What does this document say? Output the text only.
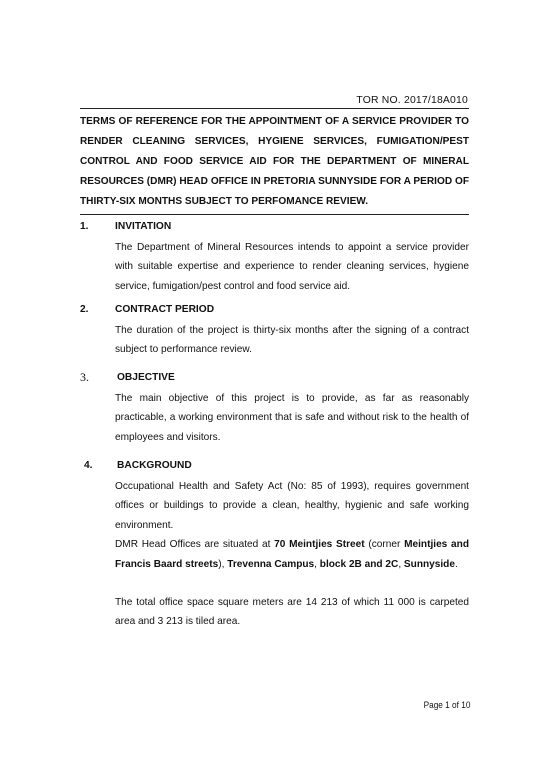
TOR NO. 2017/18A010

TERMS OF REFERENCE FOR THE APPOINTMENT OF A SERVICE PROVIDER TO RENDER CLEANING SERVICES, HYGIENE SERVICES, FUMIGATION/PEST CONTROL AND FOOD SERVICE AID FOR THE DEPARTMENT OF MINERAL RESOURCES (DMR) HEAD OFFICE IN PRETORIA SUNNYSIDE FOR A PERIOD OF THIRTY-SIX MONTHS SUBJECT TO PERFOMANCE REVIEW.

1.	INVITATION

The Department of Mineral Resources intends to appoint a service provider with suitable expertise and experience to render cleaning services, hygiene service, fumigation/pest control and food service aid.

2.	CONTRACT PERIOD

The duration of the project is thirty-six months after the signing of a contract subject to performance review.

3.	OBJECTIVE

The main objective of this project is to provide, as far as reasonably practicable, a working environment that is safe and without risk to the health of employees and visitors.

4. BACKGROUND

Occupational Health and Safety Act (No: 85 of 1993), requires government offices or buildings to provide a clean, healthy, hygienic and safe working environment.

DMR Head Offices are situated at 70 Meintjies Street (corner Meintjies and Francis Baard streets), Trevenna Campus, block 2B and 2C, Sunnyside.

The total office space square meters are 14 213 of which 11 000 is carpeted area and 3 213 is tiled area.

Page 1 of 10
